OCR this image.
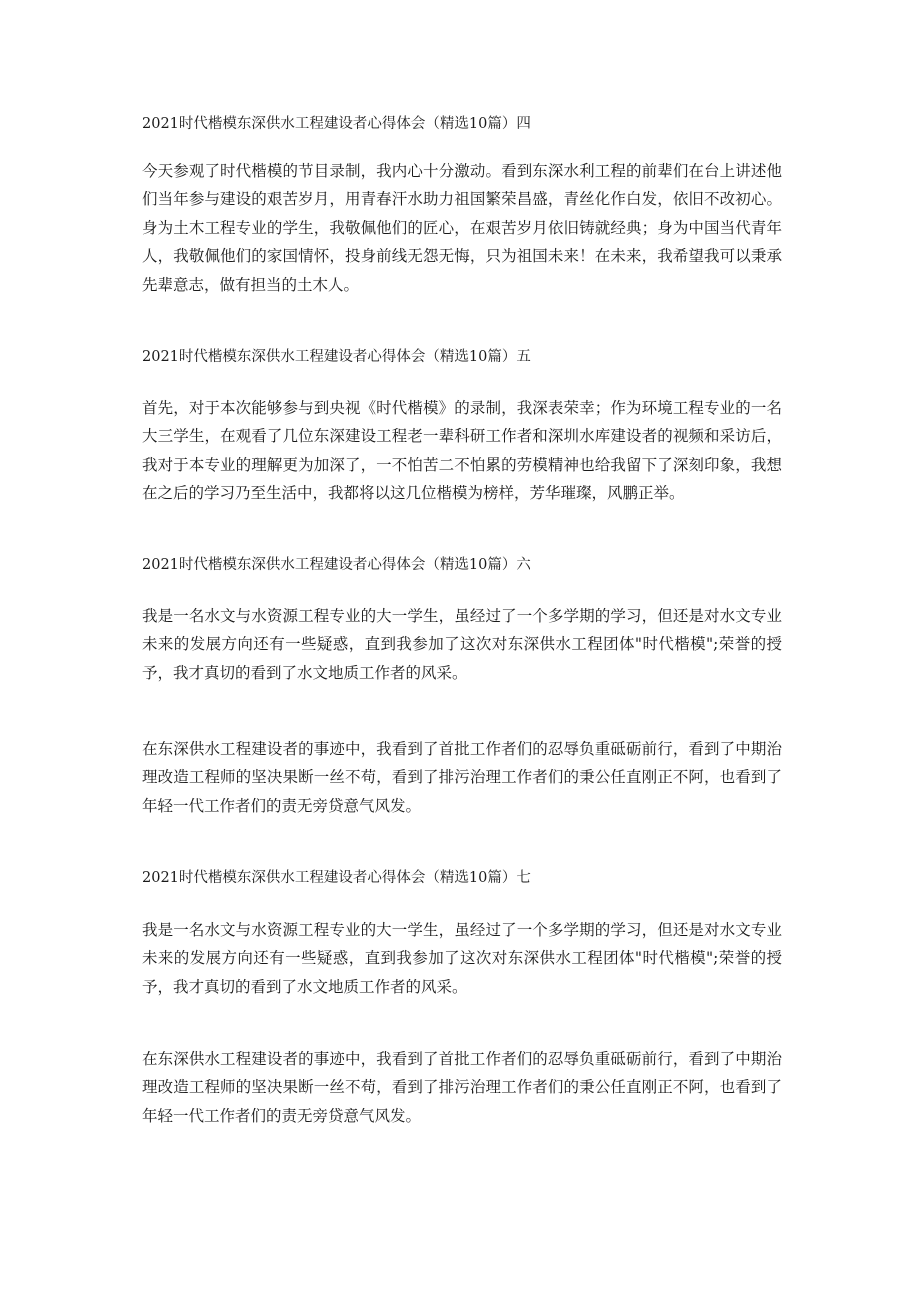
2021时代楷模东深供水工程建设者心得体会（精选10篇）四
今天参观了时代楷模的节目录制，我内心十分激动。看到东深水利工程的前辈们在台上讲述他们当年参与建设的艰苦岁月，用青春汗水助力祖国繁荣昌盛，青丝化作白发，依旧不改初心。身为土木工程专业的学生，我敬佩他们的匠心，在艰苦岁月依旧铸就经典；身为中国当代青年人，我敬佩他们的家国情怀，投身前线无怨无悔，只为祖国未来！在未来，我希望我可以秉承先辈意志，做有担当的土木人。
2021时代楷模东深供水工程建设者心得体会（精选10篇）五
首先，对于本次能够参与到央视《时代楷模》的录制，我深表荣幸；作为环境工程专业的一名大三学生，在观看了几位东深建设工程老一辈科研工作者和深圳水库建设者的视频和采访后，我对于本专业的理解更为加深了，一不怕苦二不怕累的劳模精神也给我留下了深刻印象，我想在之后的学习乃至生活中，我都将以这几位楷模为榜样，芳华璀璨，风鹏正举。
2021时代楷模东深供水工程建设者心得体会（精选10篇）六
我是一名水文与水资源工程专业的大一学生，虽经过了一个多学期的学习，但还是对水文专业未来的发展方向还有一些疑惑，直到我参加了这次对东深供水工程团体"时代楷模";荣誉的授予，我才真切的看到了水文地质工作者的风采。
在东深供水工程建设者的事迹中，我看到了首批工作者们的忍辱负重砥砺前行，看到了中期治理改造工程师的坚决果断一丝不苟，看到了排污治理工作者们的秉公任直刚正不阿，也看到了年轻一代工作者们的责无旁贷意气风发。
2021时代楷模东深供水工程建设者心得体会（精选10篇）七
我是一名水文与水资源工程专业的大一学生，虽经过了一个多学期的学习，但还是对水文专业未来的发展方向还有一些疑惑，直到我参加了这次对东深供水工程团体"时代楷模";荣誉的授予，我才真切的看到了水文地质工作者的风采。
在东深供水工程建设者的事迹中，我看到了首批工作者们的忍辱负重砥砺前行，看到了中期治理改造工程师的坚决果断一丝不苟，看到了排污治理工作者们的秉公任直刚正不阿，也看到了年轻一代工作者们的责无旁贷意气风发。
